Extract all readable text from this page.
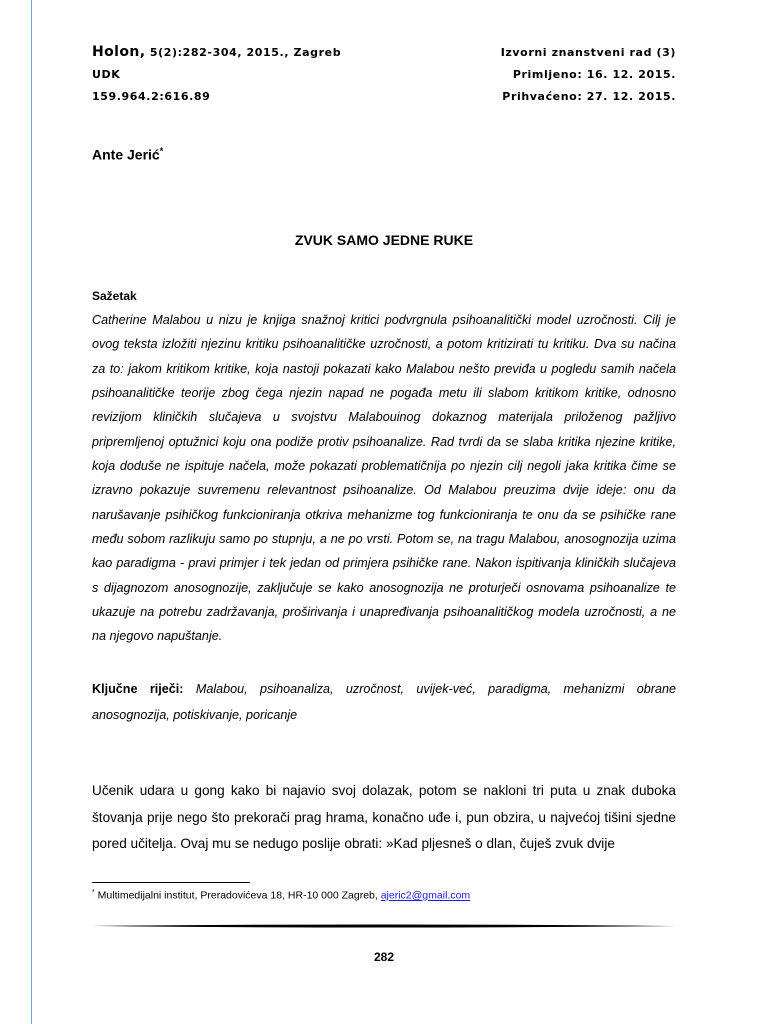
Holon, 5(2):282-304, 2015., Zagreb	Izvorni znanstveni rad (3)
UDK	Primljeno: 16. 12. 2015.
159.964.2:616.89	Prihvaćeno: 27. 12. 2015.
Ante Jerić*
ZVUK SAMO JEDNE RUKE
Sažetak

Catherine Malabou u nizu je knjiga snažnoj kritici podvrgnula psihoanalitički model uzročnosti. Cilj je ovog teksta izložiti njezinu kritiku psihoanalitičke uzročnosti, a potom kritizirati tu kritiku. Dva su načina za to: jakom kritikom kritike, koja nastoji pokazati kako Malabou nešto previđa u pogledu samih načela psihoanalitičke teorije zbog čega njezin napad ne pogađa metu ili slabom kritikom kritike, odnosno revizijom kliničkih slučajeva u svojstvu Malabouinog dokaznog materijala priloženog pažljivo pripremljenoj optužnici koju ona podiže protiv psihoanalize. Rad tvrdi da se slaba kritika njezine kritike, koja doduše ne ispituje načela, može pokazati problematičnija po njezin cilj negoli jaka kritika čime se izravno pokazuje suvremenu relevantnost psihoanalize. Od Malabou preuzima dvije ideje: onu da narušavanje psihičkog funkcioniranja otkriva mehanizme tog funkcioniranja te onu da se psihičke rane među sobom razlikuju samo po stupnju, a ne po vrsti. Potom se, na tragu Malabou, anosognozija uzima kao paradigma - pravi primjer i tek jedan od primjera psihičke rane. Nakon ispitivanja kliničkih slučajeva s dijagnozom anosognozije, zaključuje se kako anosognozija ne proturječi osnovama psihoanalize te ukazuje na potrebu zadržavanja, proširivanja i unapređivanja psihoanalitičkog modela uzročnosti, a ne na njegovo napuštanje.

Ključne riječi: Malabou, psihoanaliza, uzročnost, uvijek-već, paradigma, mehanizmi obrane anosognozija, potiskivanje, poricanje

Učenik udara u gong kako bi najavio svoj dolazak, potom se nakloni tri puta u znak duboka štovanja prije nego što prekorači prag hrama, konačno uđe i, pun obzira, u najvećoj tišini sjedne pored učitelja. Ovaj mu se nedugo poslije obrati: »Kad pljesneš o dlan, čuješ zvuk dvije

* Multimedijalni institut, Preradovićeva 18, HR-10 000 Zagreb, ajeric2@gmail.com

282
